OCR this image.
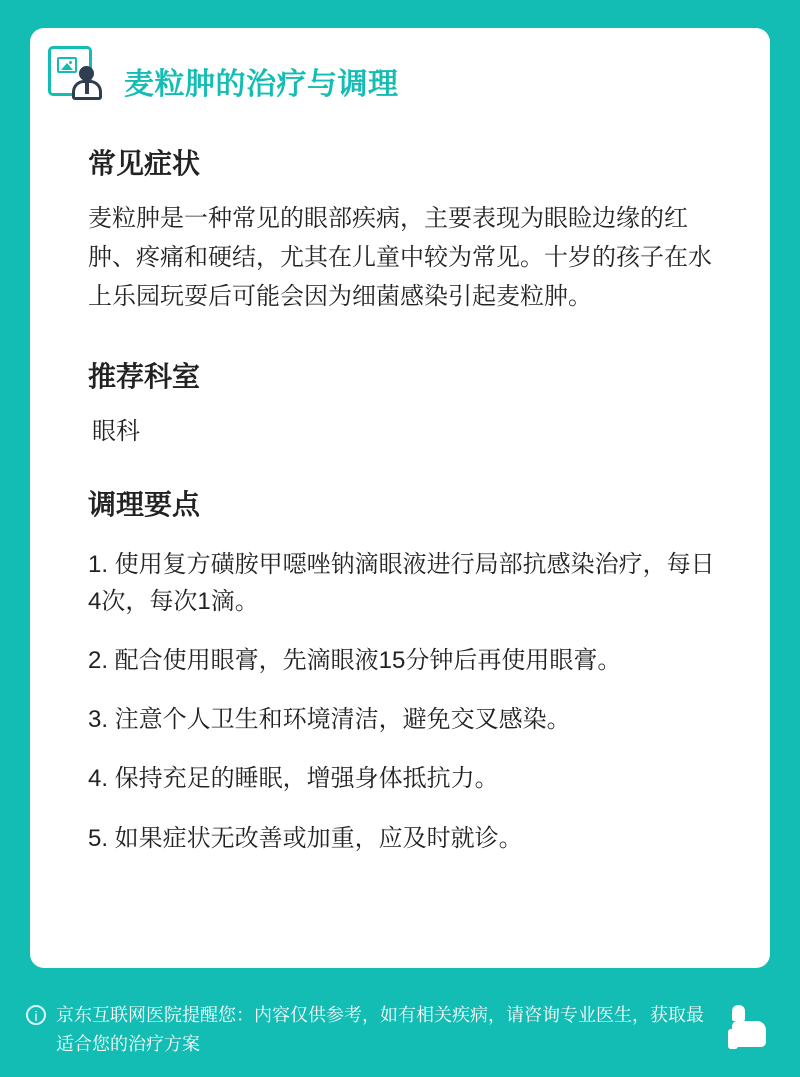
麦粒肿的治疗与调理
常见症状

麦粒肿是一种常见的眼部疾病，主要表现为眼睑边缘的红肿、疼痛和硬结，尤其在儿童中较为常见。十岁的孩子在水上乐园玩耍后可能会因为细菌感染引起麦粒肿。

推荐科室

眼科

调理要点
1. 使用复方磺胺甲噁唑钠滴眼液进行局部抗感染治疗，每日4次，每次1滴。
2. 配合使用眼膏，先滴眼液15分钟后再使用眼膏。
3. 注意个人卫生和环境清洁，避免交叉感染。
4. 保持充足的睡眠，增强身体抵抗力。
5. 如果症状无改善或加重，应及时就诊。
i	京东互联网医院提醒您：内容仅供参考，如有相关疾病，请咨询专业医生，获取最适合您的治疗方案
